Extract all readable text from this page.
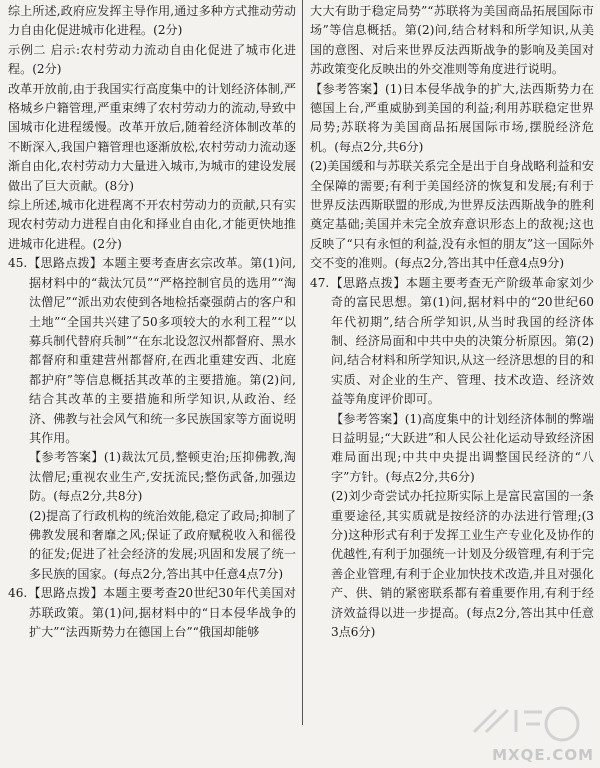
综上所述,政府应发挥主导作用,通过多种方式推动劳动力自由化促进城市化进程。(2分)
示例二 启示:农村劳动力流动自由化促进了城市化进程。(2分)
改革开放前,由于我国实行高度集中的计划经济体制,严格城乡户籍管理,严重束缚了农村劳动力的流动,导致中国城市化进程缓慢。改革开放后,随着经济体制改革的不断深入,我国户籍管理也逐渐放松,农村劳动力流动逐渐自由化,农村劳动力大量进入城市,为城市的建设发展做出了巨大贡献。(8分)
综上所述,城市化进程离不开农村劳动力的贡献,只有实现农村劳动力进程自由化和择业自由化,才能更快地推进城市化进程。(2分)
45.【思路点拨】本题主要考查唐玄宗改革。第(1)问,据材料中的“裁汰冗员”“严格控制官员的选用”“淘汰僧尼”“派出劝农使到各地检括豪强荫占的客户和土地”“全国共兴建了50多项较大的水利工程”“以募兵制代替府兵制”“在东北设忽汉州都督府、黑水都督府和重建营州都督府,在西北重建安西、北庭都护府”等信息概括其改革的主要措施。第(2)问,结合其改革的主要措施和所学知识,从政治、经济、佛教与社会风气和统一多民族国家等方面说明其作用。
【参考答案】(1)裁汰冗员,整顿吏治;压抑佛教,淘汰僧尼;重视农业生产,安抚流民;整伤武备,加强边防。(每点2分,共8分)
(2)提高了行政机构的统治效能,稳定了政局;抑制了佛教发展和奢靡之风;保证了政府赋税收入和徭役的征发;促进了社会经济的发展;巩固和发展了统一多民族的国家。(每点2分,答出其中任意4点7分)
46.【思路点拨】本题主要考查20世纪30年代美国对苏联政策。第(1)问,据材料中的“日本侵华战争的扩大”“法西斯势力在德国上台”“俄国却能够
大大有助于稳定局势”“苏联将为美国商品拓展国际市场”等信息概括。第(2)问,结合材料和所学知识,从美国的意图、对后来世界反法西斯战争的影响及美国对苏政策变化反映出的外交准则等角度进行说明。
【参考答案】(1)日本侵华战争的扩大,法西斯势力在德国上台,严重威胁到美国的利益;利用苏联稳定世界局势;苏联将为美国商品拓展国际市场,摆脱经济危机。(每点2分,共6分)
(2)美国缓和与苏联关系完全是出于自身战略利益和安全保障的需要;有利于美国经济的恢复和发展;有利于世界反法西斯联盟的形成,为世界反法西斯战争的胜利奠定基础;美国并未完全放弃意识形态上的敌视;这也反映了“只有永恒的利益,没有永恒的朋友”这一国际外交不变的准则。(每点2分,答出其中任意4点9分)
47.【思路点拨】本题主要考查无产阶级革命家刘少奇的富民思想。第(1)问,据材料中的“20世纪60年代初期”,结合所学知识,从当时我国的经济体制、经济局面和中共中央的决策分析原因。第(2)问,结合材料和所学知识,从这一经济思想的目的和实质、对企业的生产、管理、技术改造、经济效益等角度评价即可。
【参考答案】(1)高度集中的计划经济体制的弊端日益明显;“大跃进”和人民公社化运动导致经济困难局面出现;中共中央提出调整国民经济的“八字”方针。(每点2分,共6分)
(2)刘少奇尝试办托拉斯实际上是富民富国的一条重要途径,其实质就是按经济的办法进行管理;(3分)这种形式有利于发挥工业生产专业化及协作的优越性,有利于加强统一计划及分级管理,有利于完善企业管理,有利于企业加快技术改造,并且对强化产、供、销的紧密联系都有着重要作用,有利于经济效益得以进一步提高。(每点2分,答出其中任意3点6分)
MXQE.COM
